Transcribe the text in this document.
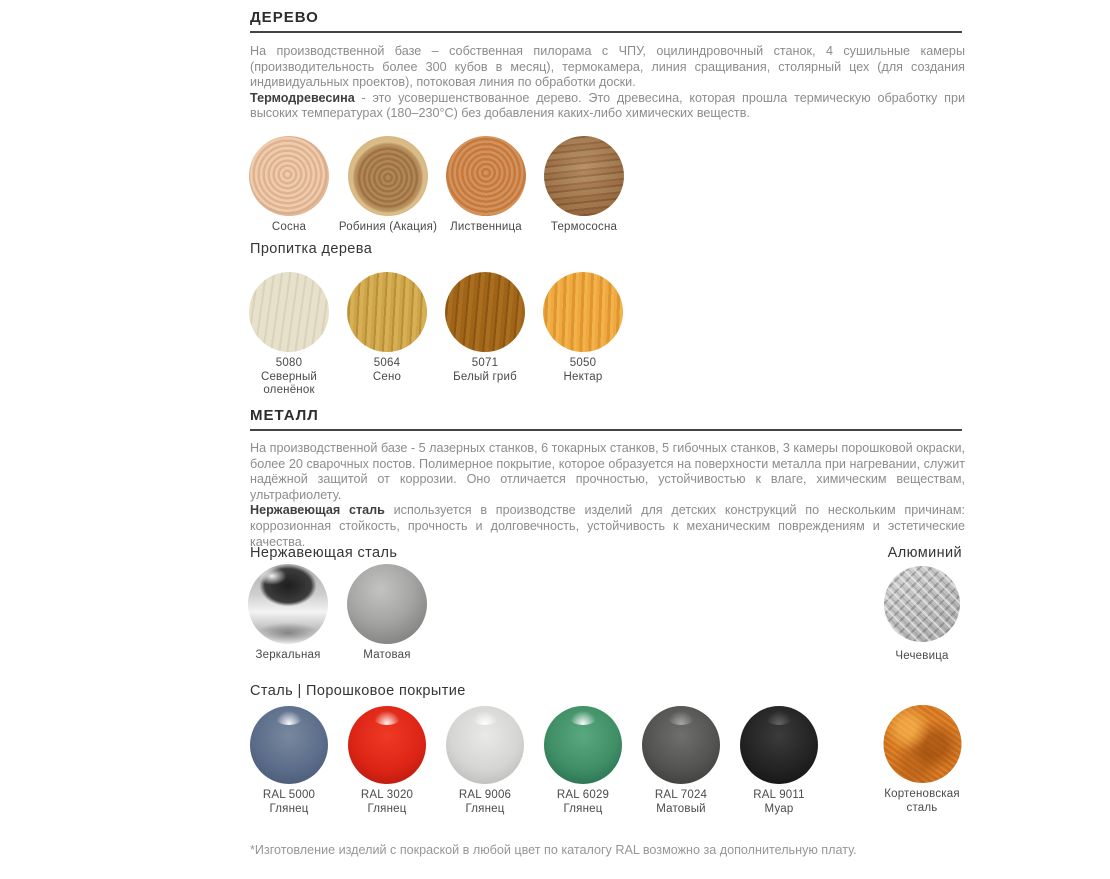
ДЕРЕВО

На производственной базе – собственная пилорама с ЧПУ, оцилиндровочный станок, 4 сушильные камеры (производительность более 300 кубов в месяц), термокамера, линия сращивания, столярный цех (для создания индивидуальных проектов), потоковая линия по обработки доски.

Термодревесина - это усовершенствованное дерево. Это древесина, которая прошла термическую обработку при высоких температурах (180–230°C) без добавления каких-либо химических веществ.

Сосна	Робиния (Акация)	Лиственница	Термососна
Пропитка дерева
5080
Северный оленёнок
5064
Сено
5071
Белый гриб
5050
Нектар
МЕТАЛЛ

На производственной базе - 5 лазерных станков, 6 токарных станков, 5 гибочных станков, 3 камеры порошковой окраски, более 20 сварочных постов. Полимерное покрытие, которое образуется на поверхности металла при нагревании, служит надёжной защитой от коррозии. Оно отличается прочностью, устойчивостью к влаге, химическим веществам, ультрафиолету.

Нержавеющая сталь используется в производстве изделий для детских конструкций по нескольким причинам: коррозионная стойкость, прочность и долговечность, устойчивость к механическим повреждениям и эстетические качества.

Нержавеющая сталь	Алюминий
Зеркальная	Матовая	Чечевица
Сталь | Порошковое покрытие
RAL 5000
Глянец
RAL 3020
Глянец
RAL 9006
Глянец
RAL 6029
Глянец
RAL 7024
Матовый
RAL 9011
Муар
Кортеновская сталь
*Изготовление изделий с покраской в любой цвет по каталогу RAL возможно за дополнительную плату.
